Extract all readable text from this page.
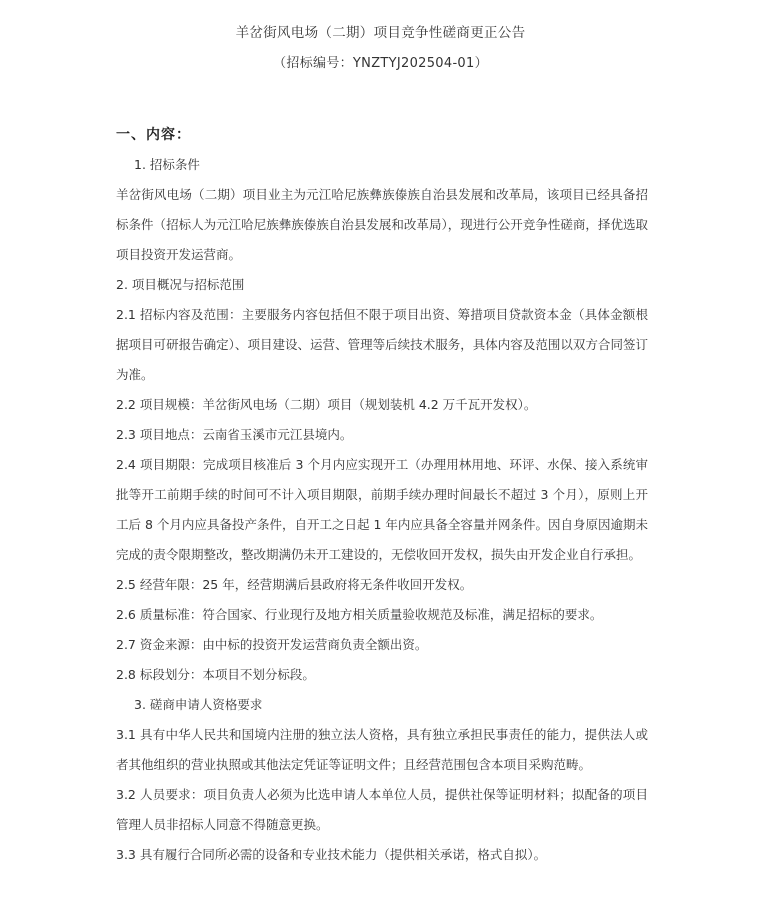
羊岔街风电场（二期）项目竞争性磋商更正公告
（招标编号：YNZTYJ202504-01）
一、内容：
1. 招标条件
羊岔街风电场（二期）项目业主为元江哈尼族彝族傣族自治县发展和改革局，该项目已经具备招标条件（招标人为元江哈尼族彝族傣族自治县发展和改革局），现进行公开竞争性磋商，择优选取项目投资开发运营商。
2. 项目概况与招标范围
2.1 招标内容及范围：主要服务内容包括但不限于项目出资、筹措项目贷款资本金（具体金额根据项目可研报告确定）、项目建设、运营、管理等后续技术服务，具体内容及范围以双方合同签订为准。
2.2 项目规模：羊岔街风电场（二期）项目（规划装机 4.2 万千瓦开发权）。
2.3 项目地点：云南省玉溪市元江县境内。
2.4 项目期限：完成项目核准后 3 个月内应实现开工（办理用林用地、环评、水保、接入系统审批等开工前期手续的时间可不计入项目期限，前期手续办理时间最长不超过 3 个月），原则上开工后 8 个月内应具备投产条件，自开工之日起 1 年内应具备全容量并网条件。因自身原因逾期未完成的责令限期整改，整改期满仍未开工建设的，无偿收回开发权，损失由开发企业自行承担。
2.5 经营年限：25 年，经营期满后县政府将无条件收回开发权。
2.6 质量标准：符合国家、行业现行及地方相关质量验收规范及标准，满足招标的要求。
2.7 资金来源：由中标的投资开发运营商负责全额出资。
2.8 标段划分：本项目不划分标段。
3. 磋商申请人资格要求
3.1 具有中华人民共和国境内注册的独立法人资格，具有独立承担民事责任的能力，提供法人或者其他组织的营业执照或其他法定凭证等证明文件；且经营范围包含本项目采购范畴。
3.2 人员要求：项目负责人必须为比选申请人本单位人员，提供社保等证明材料；拟配备的项目管理人员非招标人同意不得随意更换。
3.3 具有履行合同所必需的设备和专业技术能力（提供相关承诺，格式自拟）。
